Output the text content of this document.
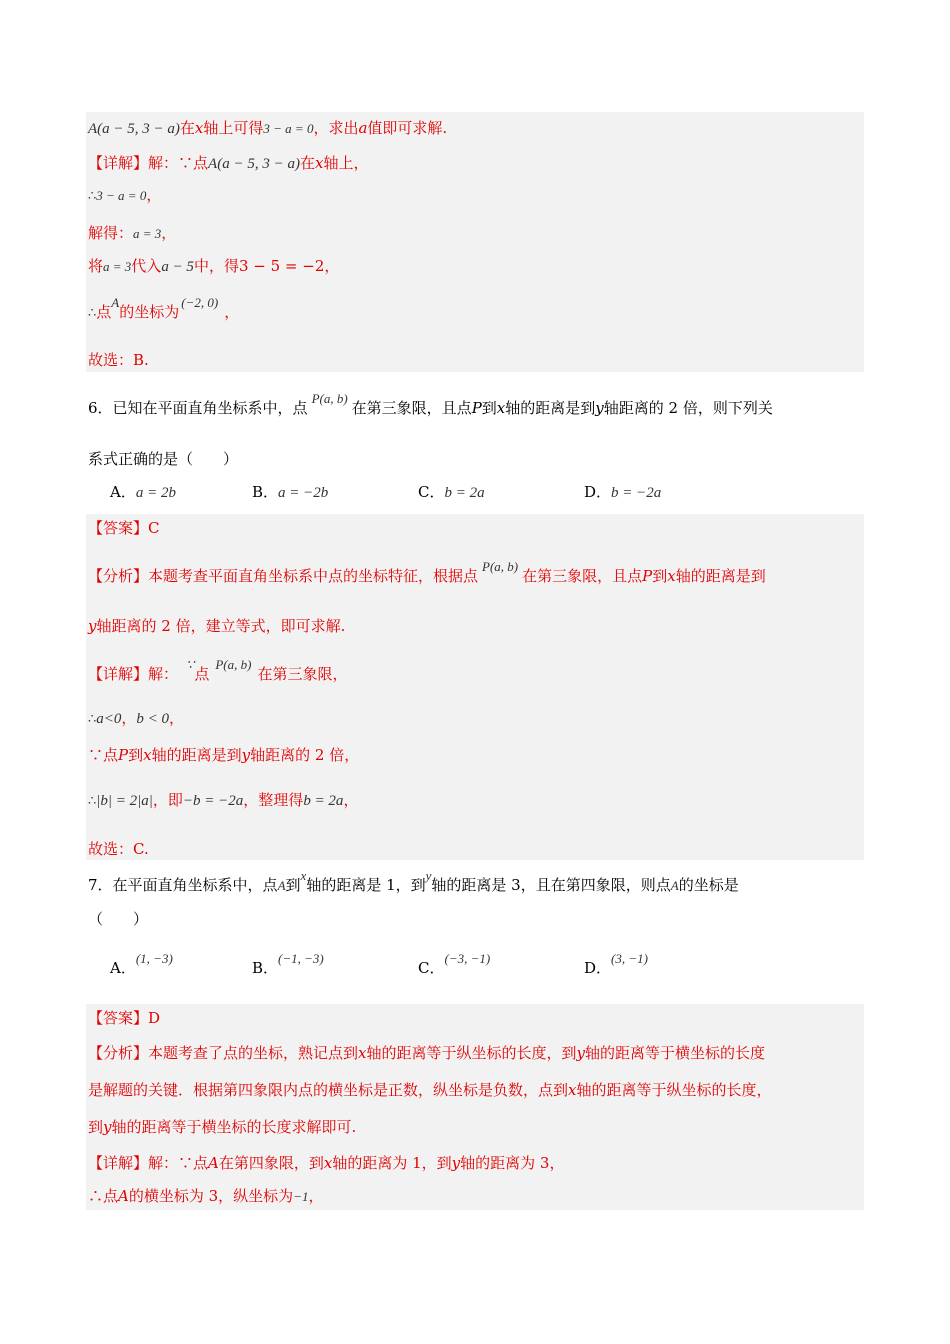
A(a − 5, 3 − a)在x轴上可得3 − a = 0，求出a值即可求解.
【详解】解：∵点A(a − 5, 3 − a)在x轴上，
∴3 − a = 0，
解得：a = 3，
将a = 3代入a − 5中，得3 − 5 = −2，
∴点A的坐标为(−2, 0)，
故选：B.
6．已知在平面直角坐标系中，点P(a, b)在第三象限，且点P到x轴的距离是到y轴距离的 2 倍，则下列关
系式正确的是（　　）
A．a = 2b	B．a = −2b	C．b = 2a	D．b = −2a
【答案】C
【分析】本题考查平面直角坐标系中点的坐标特征，根据点P(a, b)在第三象限，且点P到x轴的距离是到
y轴距离的 2 倍，建立等式，即可求解.
【详解】解：∵点P(a, b)在第三象限，
∴a<0，b < 0，
∵点P到x轴的距离是到y轴距离的 2 倍，
∴|b| = 2|a|，即−b = −2a，整理得b = 2a，
故选：C.
7．在平面直角坐标系中，点A到x轴的距离是 1，到y轴的距离是 3，且在第四象限，则点A的坐标是
（　　）
A．(1, −3)
B．(−1, −3)
C．(−3, −1)
D．(3, −1)
【答案】D
【分析】本题考查了点的坐标，熟记点到x轴的距离等于纵坐标的长度，到y轴的距离等于横坐标的长度
是解题的关键．根据第四象限内点的横坐标是正数，纵坐标是负数，点到x轴的距离等于纵坐标的长度，
到y轴的距离等于横坐标的长度求解即可.
【详解】解：∵点A在第四象限，到x轴的距离为 1，到y轴的距离为 3，
∴点A的横坐标为 3，纵坐标为−1，
